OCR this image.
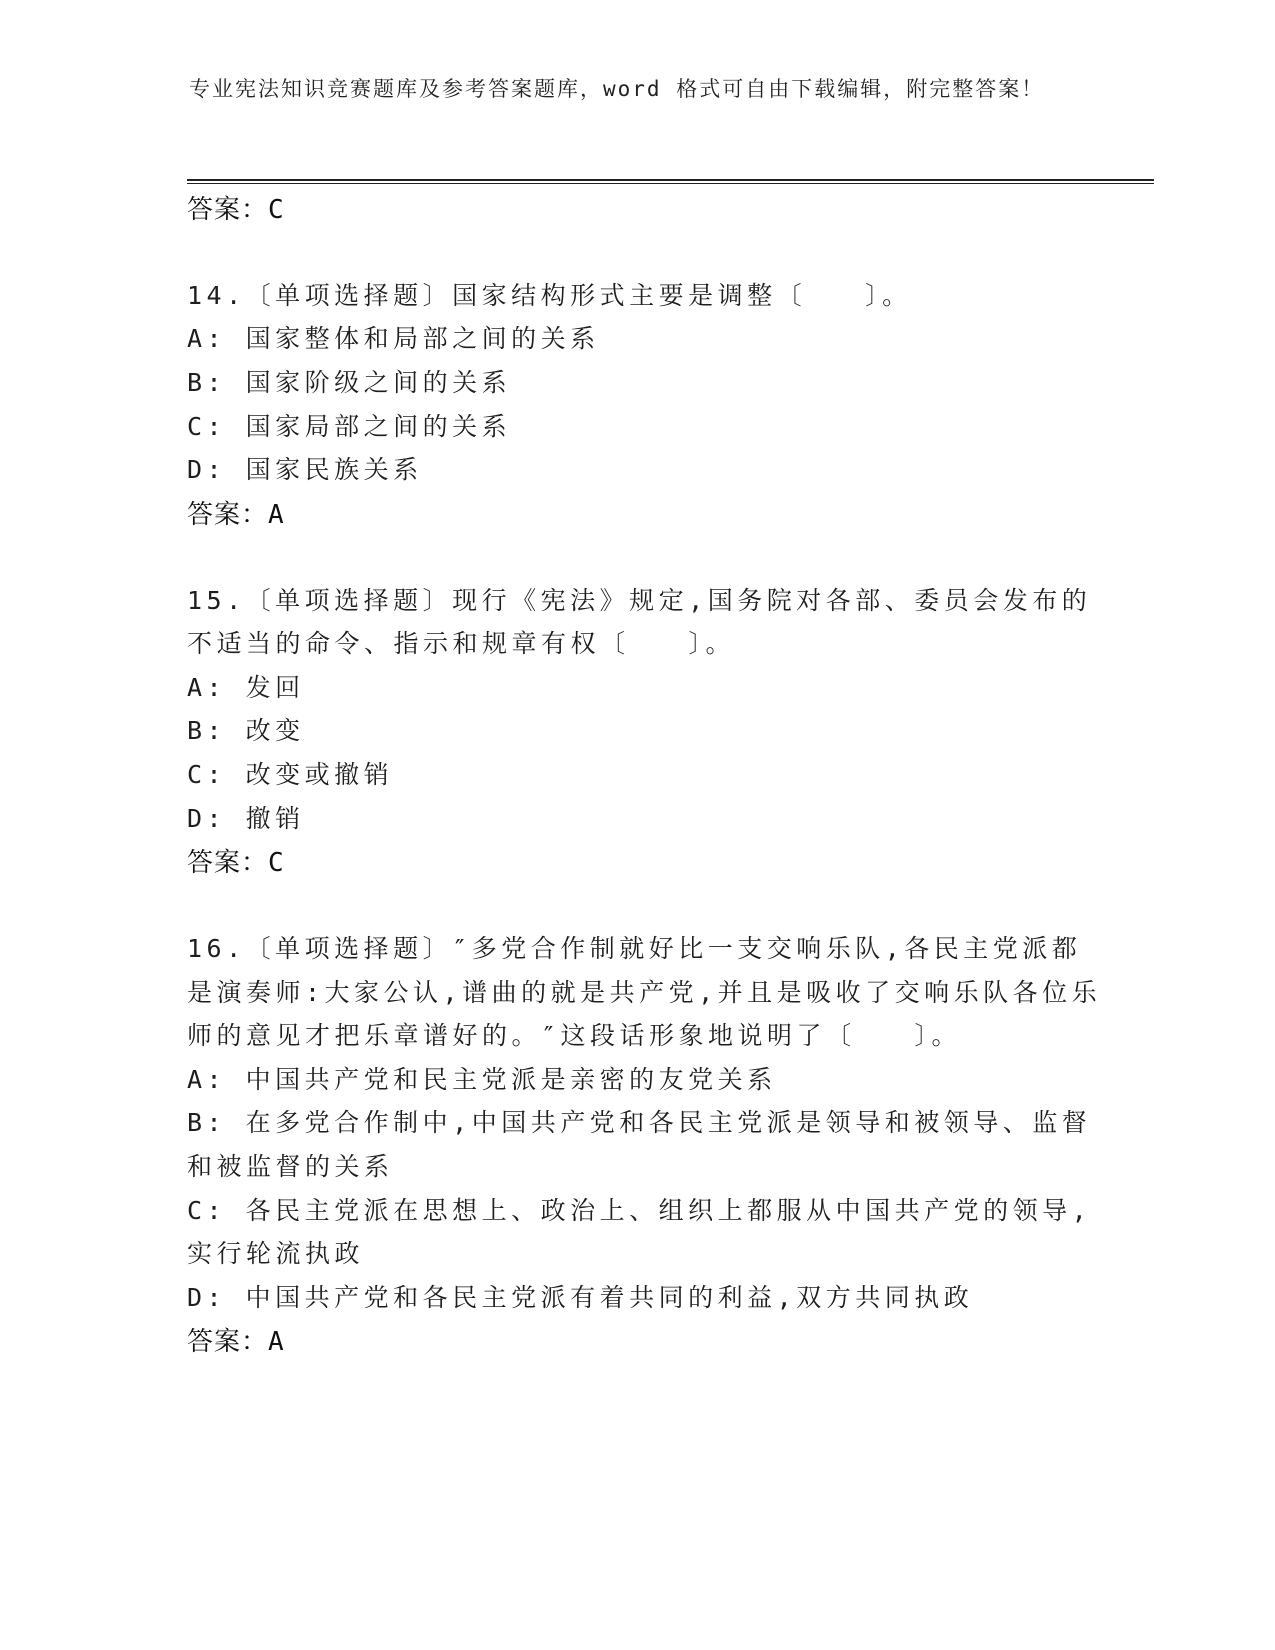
专业宪法知识竞赛题库及参考答案题库，word 格式可自由下载编辑，附完整答案！
答案：C
14.〔单项选择题〕国家结构形式主要是调整〔　　〕。
A: 国家整体和局部之间的关系
B: 国家阶级之间的关系
C: 国家局部之间的关系
D: 国家民族关系
答案：A
15.〔单项选择题〕现行《宪法》规定,国务院对各部、委员会发布的
不适当的命令、指示和规章有权〔　　〕。
A: 发回
B: 改变
C: 改变或撤销
D: 撤销
答案：C
16.〔单项选择题〕″多党合作制就好比一支交响乐队,各民主党派都
是演奏师:大家公认,谱曲的就是共产党,并且是吸收了交响乐队各位乐
师的意见才把乐章谱好的。″这段话形象地说明了〔　　〕。
A: 中国共产党和民主党派是亲密的友党关系
B: 在多党合作制中,中国共产党和各民主党派是领导和被领导、监督
和被监督的关系
C: 各民主党派在思想上、政治上、组织上都服从中国共产党的领导,
实行轮流执政
D: 中国共产党和各民主党派有着共同的利益,双方共同执政
答案：A
